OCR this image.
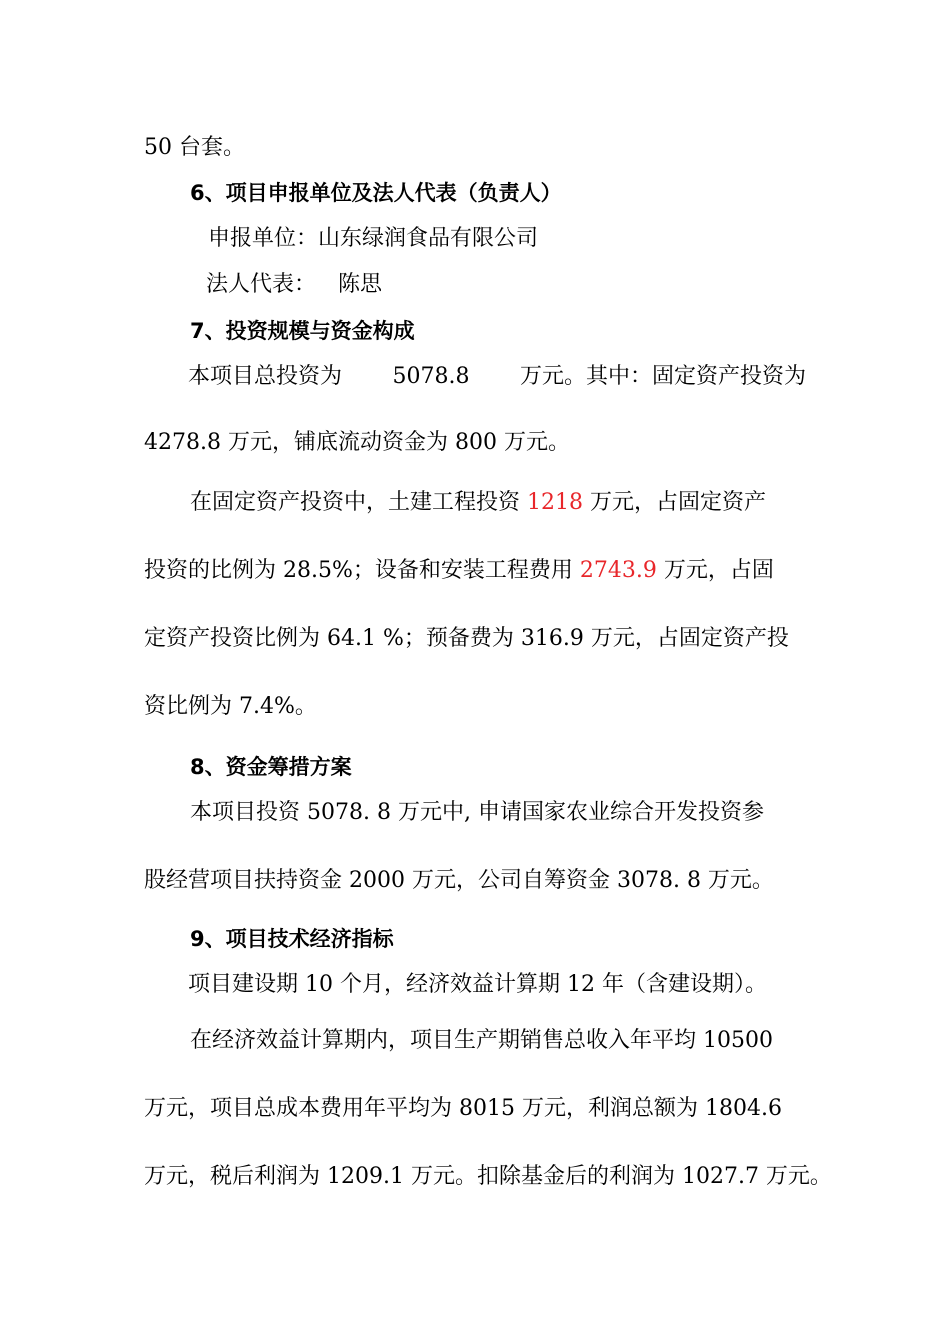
50 台套。
6、项目申报单位及法人代表（负责人）
申报单位：山东绿润食品有限公司
法人代表： 陈思
7、投资规模与资金构成
本项目总投资为 5078.8 万元。其中：固定资产投资为
4278.8 万元，铺底流动资金为 800 万元。
在固定资产投资中，土建工程投资 1218 万元，占固定资产
投资的比例为 28.5%；设备和安装工程费用 2743.9 万元，占固
定资产投资比例为 64.1 %；预备费为 316.9 万元，占固定资产投
资比例为 7.4%。
8、资金筹措方案
本项目投资 5078. 8 万元中, 申请国家农业综合开发投资参
股经营项目扶持资金 2000 万元，公司自筹资金 3078. 8 万元。
9、项目技术经济指标
项目建设期 10 个月，经济效益计算期 12 年（含建设期）。
在经济效益计算期内，项目生产期销售总收入年平均 10500
万元，项目总成本费用年平均为 8015 万元，利润总额为 1804.6
万元，税后利润为 1209.1 万元。扣除基金后的利润为 1027.7 万元。
